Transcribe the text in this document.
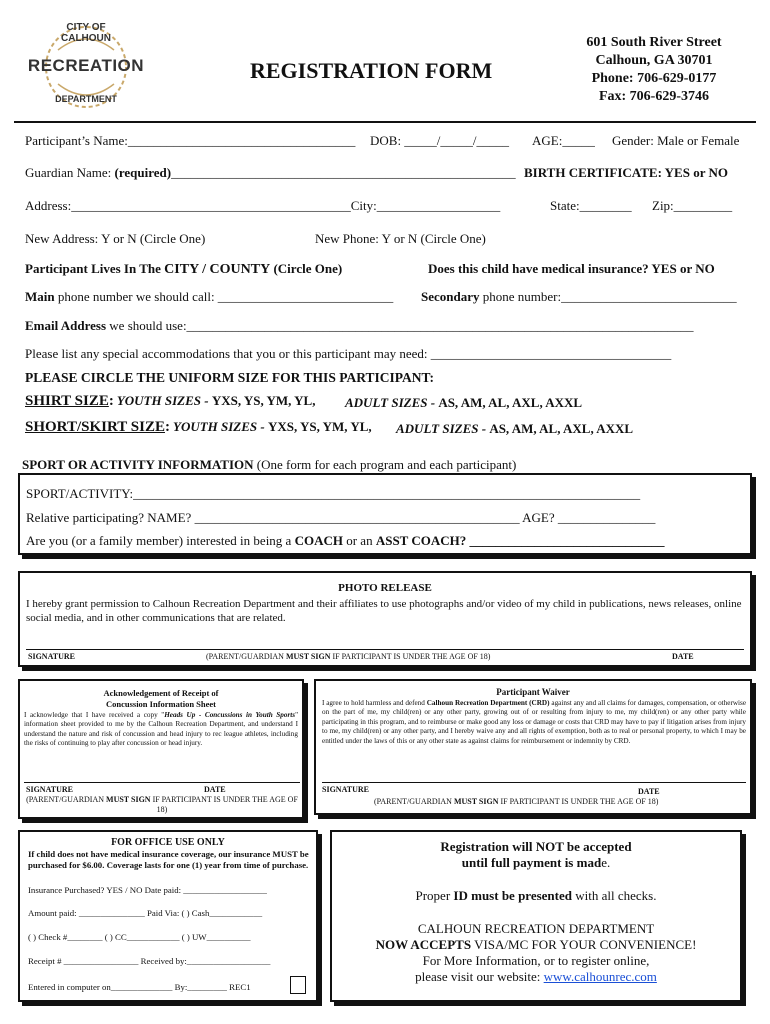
CITY OF CALHOUN
RECREATION
DEPARTMENT
REGISTRATION FORM
601 South River Street
Calhoun, GA 30701
Phone: 706-629-0177
Fax: 706-629-3746
Participant’s Name:___________________________________ DOB: _____/_____/_____ AGE:_____ Gender: Male or Female
Guardian Name: (required)_____________________________________________________ BIRTH CERTIFICATE: YES or NO
Address:___________________________________________City:___________________	State:________ Zip:_________
New Address: Y or N (Circle One)	New Phone: Y or N (Circle One)
Participant Lives In The CITY / COUNTY (Circle One)	Does this child have medical insurance? YES or NO
Main phone number we should call: ___________________________ Secondary phone number:___________________________
Email Address we should use:______________________________________________________________________________
Please list any special accommodations that you or this participant may need: _____________________________________
PLEASE CIRCLE THE UNIFORM SIZE FOR THIS PARTICIPANT:
SHIRT SIZE: YOUTH SIZES - YXS, YS, YM, YL, ADULT SIZES - AS, AM, AL, AXL, AXXL
SHORT/SKIRT SIZE: YOUTH SIZES - YXS, YS, YM, YL, ADULT SIZES - AS, AM, AL, AXL, AXXL
SPORT OR ACTIVITY INFORMATION (One form for each program and each participant)
SPORT/ACTIVITY:______________________________________________________________________________
Relative participating? NAME? __________________________________________________ AGE? _______________
Are you (or a family member) interested in being a COACH or an ASST COACH? ______________________________
PHOTO RELEASE
I hereby grant permission to Calhoun Recreation Department and their affiliates to use photographs and/or video of my child in publications, news releases, online social media, and in other communications that are related.
SIGNATURE	(PARENT/GUARDIAN MUST SIGN IF PARTICIPANT IS UNDER THE AGE OF 18)	DATE
Acknowledgement of Receipt of
Concussion Information Sheet
I acknowledge that I have received a copy "Heads Up - Concussions in Youth Sports" information sheet provided to me by the Calhoun Recreation Department, and understand I understand the nature and risk of concussion and head injury to rec league athletes, including the risks of continuing to play after concussion or head injury.
SIGNATURE	DATE
(PARENT/GUARDIAN MUST SIGN IF PARTICIPANT IS UNDER THE AGE OF 18)
Participant Waiver
I agree to hold harmless and defend Calhoun Recreation Department (CRD) against any and all claims for damages, compensation, or otherwise on the part of me, my child(ren) or any other party, growing out of or resulting from injury to me, my child(ren) or any other party while participating in this program, and to reimburse or make good any loss or damage or costs that CRD may have to pay if litigation arises from injury to me, my child(ren) or any other party, and I hereby waive any and all rights of exemption, both as to real or personal property, to which I may be entitled under the laws of this or any other state as against claims for reimbursement or indemnity by CRD.
SIGNATURE	DATE
(PARENT/GUARDIAN MUST SIGN IF PARTICIPANT IS UNDER THE AGE OF 18)
FOR OFFICE USE ONLY
If child does not have medical insurance coverage, our insurance MUST be purchased for $6.00. Coverage lasts for one (1) year from time of purchase.
Insurance Purchased? YES / NO Date paid: ___________________
Amount paid: _______________ Paid Via: ( ) Cash____________
( ) Check #________ ( ) CC____________ ( ) UW__________
Receipt # _________________ Received by:___________________
Entered in computer on______________ By:_________ REC1
Registration will NOT be accepted
until full payment is made.
Proper ID must be presented with all checks.
CALHOUN RECREATION DEPARTMENT
NOW ACCEPTS VISA/MC FOR YOUR CONVENIENCE!
For More Information, or to register online,
please visit our website: www.calhounrec.com
